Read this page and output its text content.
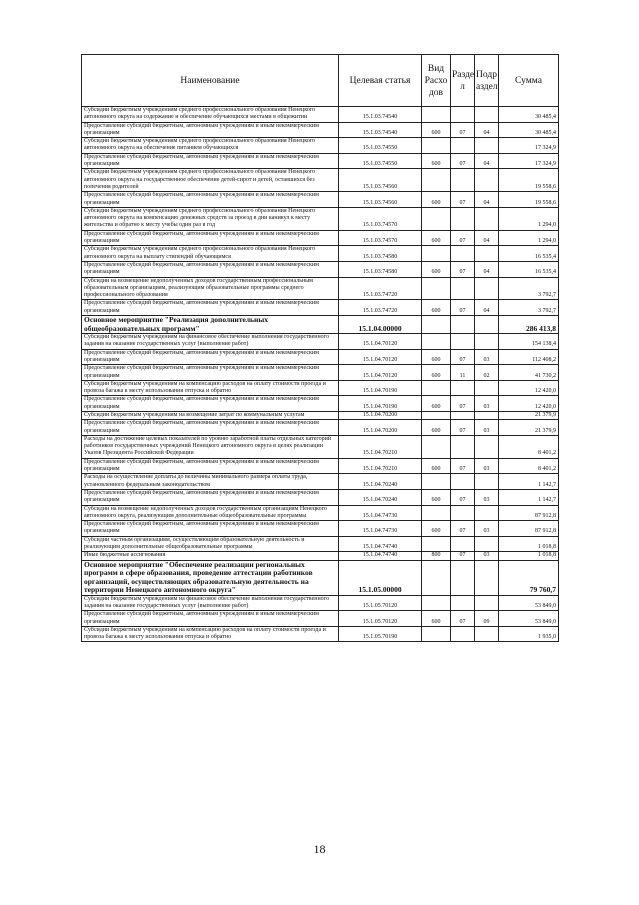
Наименование	Целевая статья	Вид Расхо дов	Разде л	Подр аздел	Сумма
Субсидии бюджетным учреждениям среднего профессионального образования Ненецкого автономного округа на содержание и обеспечение обучающихся местами в общежитии	15.1.03.74540				30 485,4
Предоставление субсидий бюджетным, автономным учреждениям и иным некоммерческим организациям	15.1.03.74540	600	07	04	30 485,4
Субсидии бюджетным учреждениям среднего профессионального образования Ненецкого автономного округа на обеспечение питанием обучающихся	15.1.03.74550				17 324,9
Предоставление субсидий бюджетным, автономным учреждениям и иным некоммерческим организациям	15.1.03.74550	600	07	04	17 324,9
Субсидии бюджетным учреждениям среднего профессионального образования Ненецкого автономного округа на государственное обеспечение детей-сирот и детей, оставшихся без попечения родителей	15.1.03.74560				19 558,6
Предоставление субсидий бюджетным, автономным учреждениям и иным некоммерческим организациям	15.1.03.74560	600	07	04	19 558,6
Субсидии бюджетным учреждениям среднего профессионального образования Ненецкого автономного округа на компенсацию денежных средств за проезд в дни каникул к месту жительства и обратно к месту учебы один раз в год	15.1.03.74570				1 294,0
Предоставление субсидий бюджетным, автономным учреждениям и иным некоммерческим организациям	15.1.03.74570	600	07	04	1 294,0
Субсидии бюджетным учреждениям среднего профессионального образования Ненецкого автономного округа на выплату стипендий обучающимся	15.1.03.74580				16 535,4
Предоставление субсидий бюджетным, автономным учреждениям и иным некоммерческим организациям	15.1.03.74580	600	07	04	16 535,4
Субсидии на возмещение недополученных доходов государственным профессиональным образовательным организациям, реализующим образовательные программы среднего профессионального образования	15.1.03.74720				3 792,7
Предоставление субсидий бюджетным, автономным учреждениям и иным некоммерческим организациям	15.1.03.74720	600	07	04	3 792,7
Основное мероприятие "Реализация дополнительных общеобразовательных программ"	15.1.04.00000				286 413,8
Субсидии бюджетным учреждениям на финансовое обеспечение выполнения государственного задания на оказание государственных услуг (выполнение работ)	15.1.04.70120				154 138,4
Предоставление субсидий бюджетным, автономным учреждениям и иным некоммерческим организациям	15.1.04.70120	600	07	03	112 408,2
Предоставление субсидий бюджетным, автономным учреждениям и иным некоммерческим организациям	15.1.04.70120	600	11	02	41 730,2
Субсидии бюджетным учреждениям на компенсацию расходов на оплату стоимости проезда и провоза багажа к месту использования отпуска и обратно	15.1.04.70190				12 420,0
Предоставление субсидий бюджетным, автономным учреждениям и иным некоммерческим организациям	15.1.04.70190	600	07	03	12 420,0
Субсидии бюджетным учреждениям на возмещение затрат по коммунальным услугам	15.1.04.70200				21 379,9
Предоставление субсидий бюджетным, автономным учреждениям и иным некоммерческим организациям	15.1.04.70200	600	07	03	21 379,9
Расходы на достижение целевых показателей по уровню заработной платы отдельных категорий работников государственных учреждений Ненецкого автономного округа в целях реализации Указов Президента Российской Федерации	15.1.04.70210				8 401,2
Предоставление субсидий бюджетным, автономным учреждениям и иным некоммерческим организациям	15.1.04.70210	600	07	03	8 401,2
Расходы на осуществление доплаты до величины минимального размера оплаты труда, установленного федеральным законодательством	15.1.04.70240				1 142,7
Предоставление субсидий бюджетным, автономным учреждениям и иным некоммерческим организациям	15.1.04.70240	600	07	03	1 142,7
Субсидии на возмещение недополученных доходов государственным организациям Ненецкого автономного округа, реализующим дополнительные общеобразовательные программы	15.1.04.74730				87 912,8
Предоставление субсидий бюджетным, автономным учреждениям и иным некоммерческим организациям	15.1.04.74730	600	07	03	87 912,8
Субсидии частным организациям, осуществляющим образовательную деятельность и реализующим дополнительные общеобразовательные программы	15.1.04.74740				1 018,8
Иные бюджетные ассигнования	15.1.04.74740	800	07	03	1 018,8
Основное мероприятие "Обеспечение реализации региональных программ в сфере образования, проведение аттестации работников организаций, осуществляющих образовательную деятельность на территории Ненецкого автономного округа"	15.1.05.00000				79 760,7
Субсидии бюджетным учреждениям на финансовое обеспечение выполнения государственного задания на оказание государственных услуг (выполнение работ)	15.1.05.70120				53 849,0
Предоставление субсидий бюджетным, автономным учреждениям и иным некоммерческим организациям	15.1.05.70120	600	07	09	53 849,0
Субсидии бюджетным учреждениям на компенсацию расходов на оплату стоимости проезда и провоза багажа к месту использования отпуска и обратно	15.1.05.70190				1 935,0
18
